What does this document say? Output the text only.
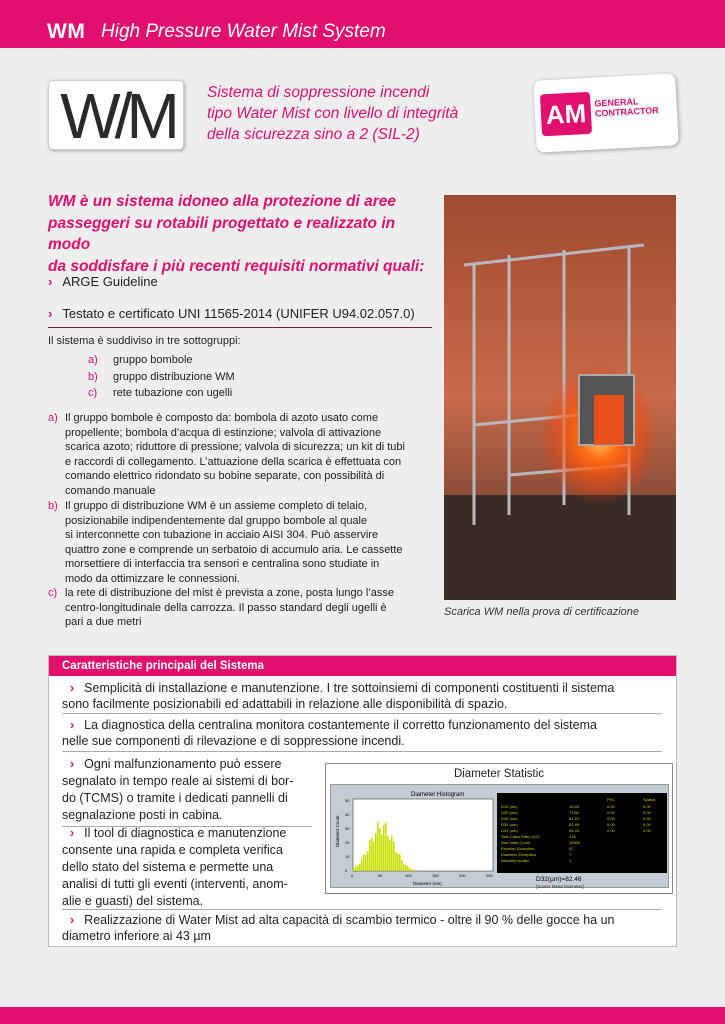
WM High Pressure Water Mist System
W/M Sistema di soppressione incendi
tipo Water Mist con livello di integrità
della sicurezza sino a 2 (SIL-2)
AM GENERAL
CONTRACTOR
WM è un sistema idoneo alla protezione di aree
passeggeri su rotabili progettato e realizzato in modo
da soddisfare i più recenti requisiti normativi quali:
› ARGE Guideline
› Testato e certificato UNI 11565-2014 (UNIFER U94.02.057.0)
Il sistema è suddiviso in tre sottogruppi:
a) gruppo bombole
b) gruppo distribuzione WM
c) rete tubazione con ugelli
a) Il gruppo bombole è composto da: bombola di azoto usato come
propellente; bombola d’acqua di estinzione; valvola di attivazione
scarica azoto; riduttore di pressione; valvola di sicurezza; un kit di tubi
e raccordi di collegamento. L’attuazione della scarica è effettuata con
comando elettrico ridondato su bobine separate, con possibilità di
comando manuale
b) Il gruppo di distribuzione WM è un assieme completo di telaio,
posizionabile indipendentemente dal gruppo bombole al quale
si interconnette con tubazione in acciaio AISI 304. Può asservire
quattro zone e comprende un serbatoio di accumulo aria. Le cassette
morsettiere di interfaccia tra sensori e centralina sono studiate in
modo da ottimizzare le connessioni.
c) la rete di distribuzione del mist è prevista a zone, posta lungo l’asse
centro-longitudinale della carrozza. Il passo standard degli ugelli è
pari a due metri
Scarica WM nella prova di certificazione
Caratteristiche principali del Sistema
› Semplicità di installazione e manutenzione. I tre sottoinsiemi di componenti costituenti il sistema
sono facilmente posizionabili ed adattabili in relazione alle disponibilità di spazio.
› La diagnostica della centralina monitora costantemente il corretto funzionamento del sistema
nelle sue componenti di rilevazione e di soppressione incendi.
› Ogni malfunzionamento può essere
segnalato in tempo reale ai sistemi di bor-
do (TCMS) o tramite i dedicati pannelli di
segnalazione posti in cabina.
› Il tool di diagnostica e manutenzione
consente una rapida e completa verifica
dello stato del sistema e permette una
analisi di tutti gli eventi (interventi, anom-
alie e guasti) del sistema.
› Realizzazione di Water Mist ad alta capacità di scambio termico - oltre il 90 % delle gocce ha un
diametro inferiore ai 43 µm
Diameter Statistic
Diameter Histogram
Diameter Count
Diameter (um)
50
40
30
20
10
0
0	50	100	150	200	250
PVC	Spatial
D10 (um)	16.55	0.00	0.00
D20 (um)	71.80	0.00	0.00
D30 (um)	81.23	0.00	0.00
D32 (um)	82.46	0.00	0.00
D43 (um)	95.33	0.00	0.00
Size Class Ratio (1/2)	216
Size Valid Count	10000
Envelop Exception	57
Diameter Exception	7
Intensity Invalid	1
D32(µm)=82.46
[Sauter Mean Diameter]
